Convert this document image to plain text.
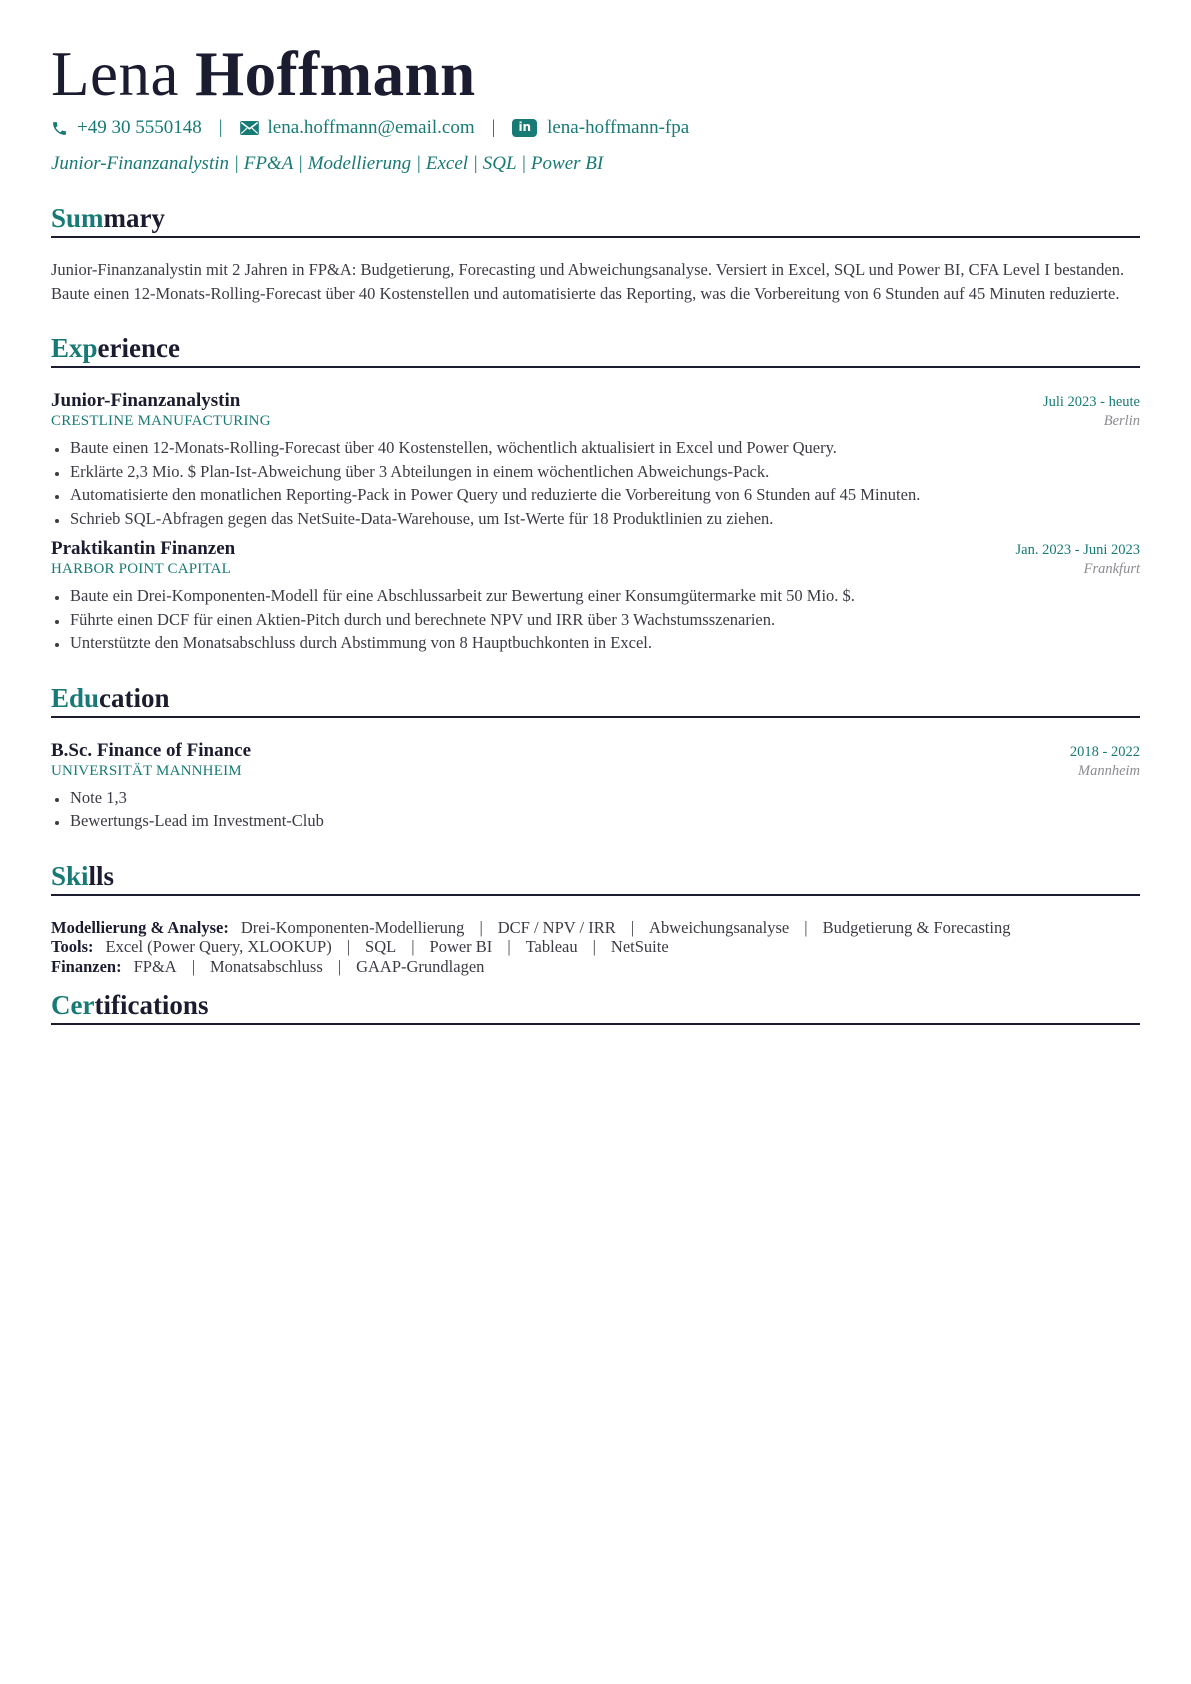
Lena Hoffmann
+49 30 5550148 | lena.hoffmann@email.com |	in lena-hoffmann-fpa
Junior-Finanzanalystin | FP&A | Modellierung | Excel | SQL | Power BI
Summary
Junior-Finanzanalystin mit 2 Jahren in FP&A: Budgetierung, Forecasting und Abweichungsanalyse. Versiert in Excel, SQL und Power BI, CFA Level I bestanden. Baute einen 12-Monats-Rolling-Forecast über 40 Kostenstellen und automatisierte das Reporting, was die Vorbereitung von 6 Stunden auf 45 Minuten reduzierte.
Experience
Junior-Finanzanalystin	Juli 2023 - heute
CRESTLINE MANUFACTURING	Berlin
• Baute einen 12-Monats-Rolling-Forecast über 40 Kostenstellen, wöchentlich aktualisiert in Excel und Power Query.
• Erklärte 2,3 Mio. $ Plan-Ist-Abweichung über 3 Abteilungen in einem wöchentlichen Abweichungs-Pack.
• Automatisierte den monatlichen Reporting-Pack in Power Query und reduzierte die Vorbereitung von 6 Stunden auf 45 Minuten.
• Schrieb SQL-Abfragen gegen das NetSuite-Data-Warehouse, um Ist-Werte für 18 Produktlinien zu ziehen.
Praktikantin Finanzen	Jan. 2023 - Juni 2023
HARBOR POINT CAPITAL	Frankfurt
• Baute ein Drei-Komponenten-Modell für eine Abschlussarbeit zur Bewertung einer Konsumgütermarke mit 50 Mio. $.
• Führte einen DCF für einen Aktien-Pitch durch und berechnete NPV und IRR über 3 Wachstumsszenarien.
• Unterstützte den Monatsabschluss durch Abstimmung von 8 Hauptbuchkonten in Excel.
Education
B.Sc. Finance of Finance	2018 - 2022
UNIVERSITÄT MANNHEIM	Mannheim
• Note 1,3
• Bewertungs-Lead im Investment-Club
Skills
Modellierung & Analyse: Drei-Komponenten-Modellierung | DCF / NPV / IRR | Abweichungsanalyse | Budgetierung & Forecasting
Tools: Excel (Power Query, XLOOKUP) | SQL | Power BI | Tableau | NetSuite
Finanzen: FP&A | Monatsabschluss | GAAP-Grundlagen
Certifications
